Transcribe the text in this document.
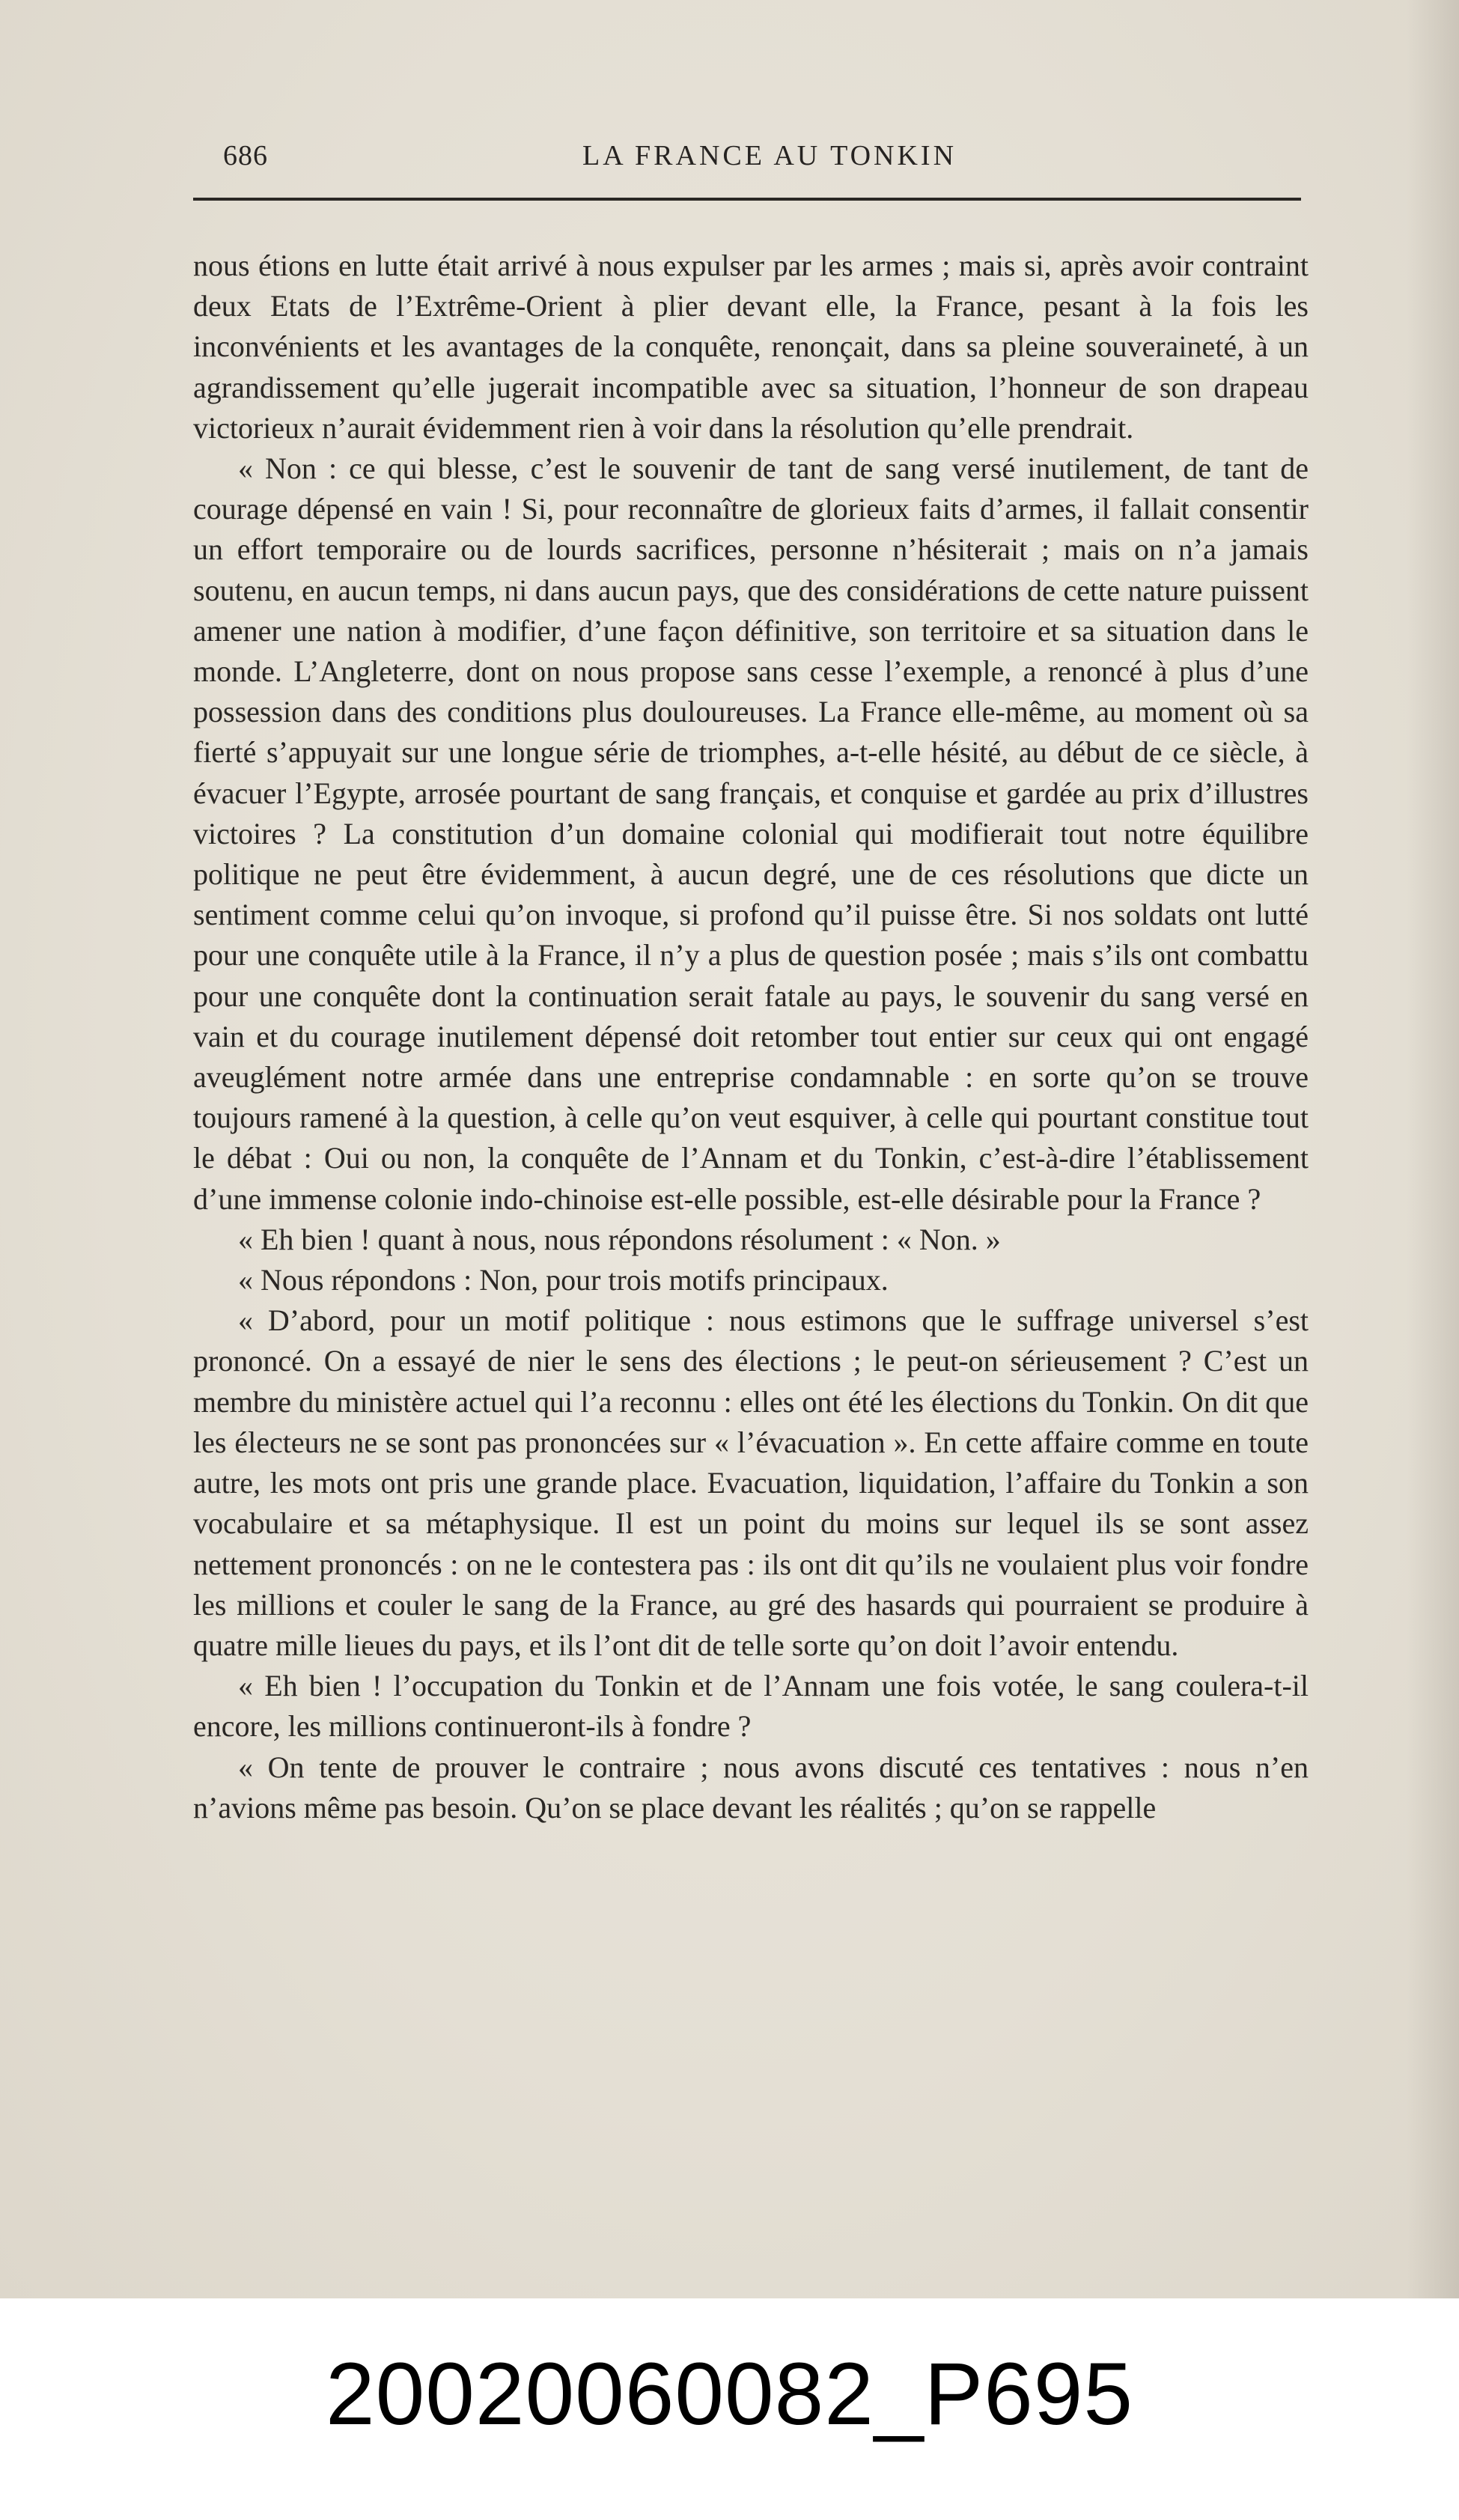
686	LA FRANCE AU TONKIN

nous étions en lutte était arrivé à nous expulser par les armes ; mais si, après avoir contraint deux Etats de l’Extrême-Orient à plier devant elle, la France, pesant à la fois les inconvénients et les avantages de la conquête, renonçait, dans sa pleine souveraineté, à un agrandissement qu’elle jugerait incompatible avec sa situation, l’honneur de son drapeau victorieux n’aurait évidemment rien à voir dans la résolution qu’elle prendrait.

« Non : ce qui blesse, c’est le souvenir de tant de sang versé inutilement, de tant de courage dépensé en vain ! Si, pour reconnaître de glorieux faits d’armes, il fallait consentir un effort temporaire ou de lourds sacrifices, personne n’hésiterait ; mais on n’a jamais soutenu, en aucun temps, ni dans aucun pays, que des considérations de cette nature puissent amener une nation à modifier, d’une façon définitive, son territoire et sa situation dans le monde. L’Angleterre, dont on nous propose sans cesse l’exemple, a renoncé à plus d’une possession dans des conditions plus douloureuses. La France elle-même, au moment où sa fierté s’appuyait sur une longue série de triomphes, a-t-elle hésité, au début de ce siècle, à évacuer l’Egypte, arrosée pourtant de sang français, et conquise et gardée au prix d’illustres victoires ? La constitution d’un domaine colonial qui modifierait tout notre équilibre politique ne peut être évidemment, à aucun degré, une de ces résolutions que dicte un sentiment comme celui qu’on invoque, si profond qu’il puisse être. Si nos soldats ont lutté pour une conquête utile à la France, il n’y a plus de question posée ; mais s’ils ont combattu pour une conquête dont la continuation serait fatale au pays, le souvenir du sang versé en vain et du courage inutilement dépensé doit retomber tout entier sur ceux qui ont engagé aveuglément notre armée dans une entreprise condamnable : en sorte qu’on se trouve toujours ramené à la question, à celle qu’on veut esquiver, à celle qui pourtant constitue tout le débat : Oui ou non, la conquête de l’Annam et du Tonkin, c’est-à-dire l’établissement d’une immense colonie indo-chinoise est-elle possible, est-elle désirable pour la France ?

« Eh bien ! quant à nous, nous répondons résolument : « Non. »

« Nous répondons : Non, pour trois motifs principaux.

« D’abord, pour un motif politique : nous estimons que le suffrage universel s’est prononcé. On a essayé de nier le sens des élections ; le peut-on sérieusement ? C’est un membre du ministère actuel qui l’a reconnu : elles ont été les élections du Tonkin. On dit que les électeurs ne se sont pas prononcées sur « l’évacuation ». En cette affaire comme en toute autre, les mots ont pris une grande place. Evacuation, liquidation, l’affaire du Tonkin a son vocabulaire et sa métaphysique. Il est un point du moins sur lequel ils se sont assez nettement prononcés : on ne le contestera pas : ils ont dit qu’ils ne voulaient plus voir fondre les millions et couler le sang de la France, au gré des hasards qui pourraient se produire à quatre mille lieues du pays, et ils l’ont dit de telle sorte qu’on doit l’avoir entendu.

« Eh bien ! l’occupation du Tonkin et de l’Annam une fois votée, le sang coulera-t-il encore, les millions continueront-ils à fondre ?

« On tente de prouver le contraire ; nous avons discuté ces tentatives : nous n’en n’avions même pas besoin. Qu’on se place devant les réalités ; qu’on se rappelle

20020060082_P695
